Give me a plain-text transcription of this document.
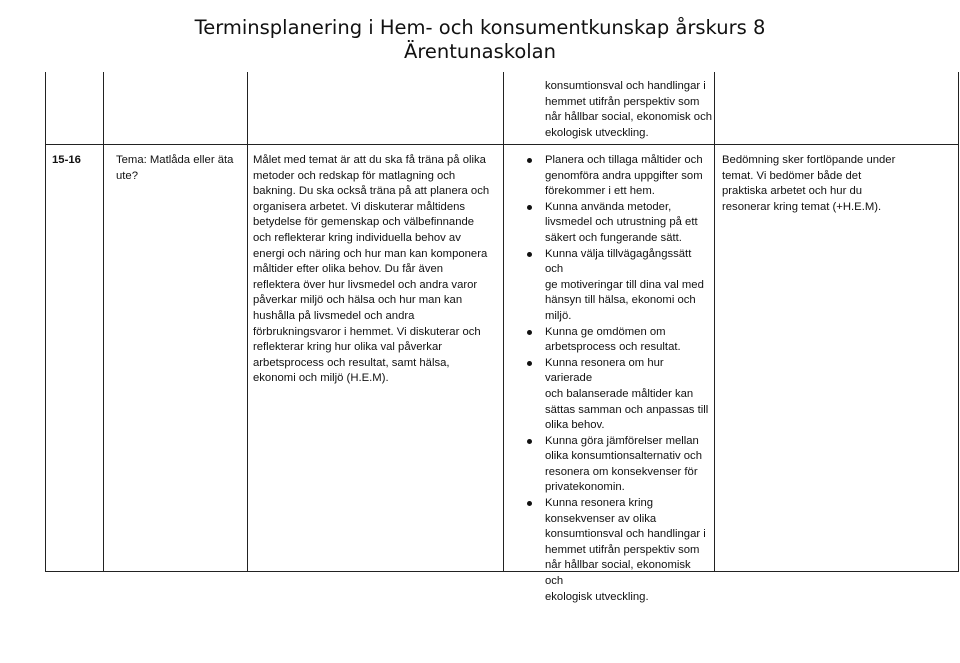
Terminsplanering i Hem- och konsumentkunskap årskurs 8
Ärentunaskolan
konsumtionsval och handlingar i
hemmet utifrån perspektiv som
når hållbar social, ekonomisk och
ekologisk utveckling.
15-16	Tema: Matlåda eller äta
ute?
Målet med temat är att du ska få träna på olika
metoder och redskap för matlagning och
bakning. Du ska också träna på att planera och
organisera arbetet. Vi diskuterar måltidens
betydelse för gemenskap och välbefinnande
och reflekterar kring individuella behov av
energi och näring och hur man kan komponera
måltider efter olika behov. Du får även
reflektera över hur livsmedel och andra varor
påverkar miljö och hälsa och hur man kan
hushålla på livsmedel och andra
förbrukningsvaror i hemmet. Vi diskuterar och
reflekterar kring hur olika val påverkar
arbetsprocess och resultat, samt hälsa,
ekonomi och miljö (H.E.M).
Planera och tillaga måltider och
genomföra andra uppgifter som
förekommer i ett hem.
Kunna använda metoder,
livsmedel och utrustning på ett
säkert och fungerande sätt.
Kunna välja tillvägagångssätt och
ge motiveringar till dina val med
hänsyn till hälsa, ekonomi och
miljö.
Kunna ge omdömen om
arbetsprocess och resultat.
Kunna resonera om hur varierade
och balanserade måltider kan
sättas samman och anpassas till
olika behov.
Kunna göra jämförelser mellan
olika konsumtionsalternativ och
resonera om konsekvenser för
privatekonomin.
Kunna resonera kring
konsekvenser av olika
konsumtionsval och handlingar i
hemmet utifrån perspektiv som
når hållbar social, ekonomisk och
ekologisk utveckling.
Bedömning sker fortlöpande under
temat. Vi bedömer både det
praktiska arbetet och hur du
resonerar kring temat (+H.E.M).
